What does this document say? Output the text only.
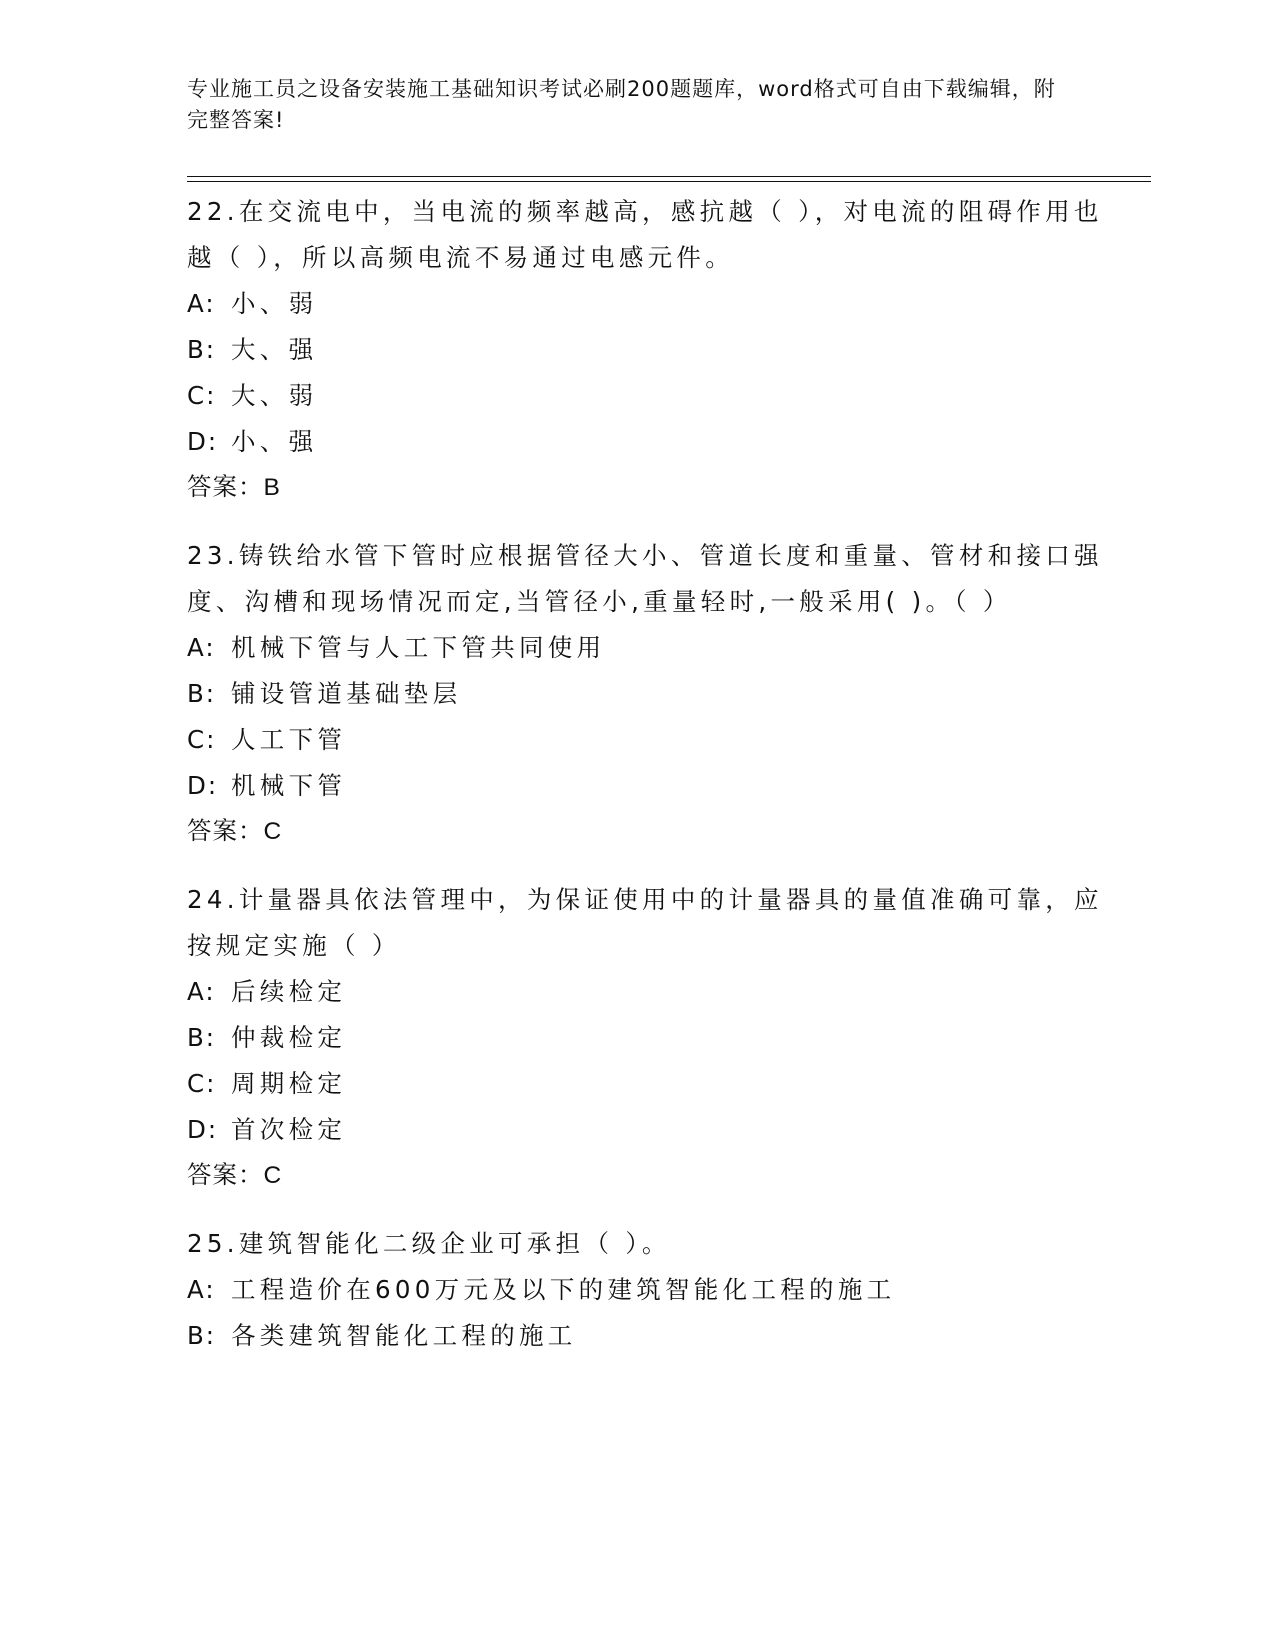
专业施工员之设备安装施工基础知识考试必刷200题题库，word格式可自由下载编辑，附完整答案!

22.在交流电中，当电流的频率越高，感抗越（ ），对电流的阻碍作用也越（ ），所以高频电流不易通过电感元件。

A: 小、弱

B: 大、强

C: 大、弱

D: 小、强

答案：B

23.铸铁给水管下管时应根据管径大小、管道长度和重量、管材和接口强度、沟槽和现场情况而定,当管径小,重量轻时,一般采用( )。（ ）

A: 机械下管与人工下管共同使用

B: 铺设管道基础垫层

C: 人工下管

D: 机械下管

答案：C

24.计量器具依法管理中，为保证使用中的计量器具的量值准确可靠，应按规定实施（ ）

A: 后续检定

B: 仲裁检定

C: 周期检定

D: 首次检定

答案：C

25.建筑智能化二级企业可承担（ ）。

A: 工程造价在600万元及以下的建筑智能化工程的施工

B: 各类建筑智能化工程的施工
